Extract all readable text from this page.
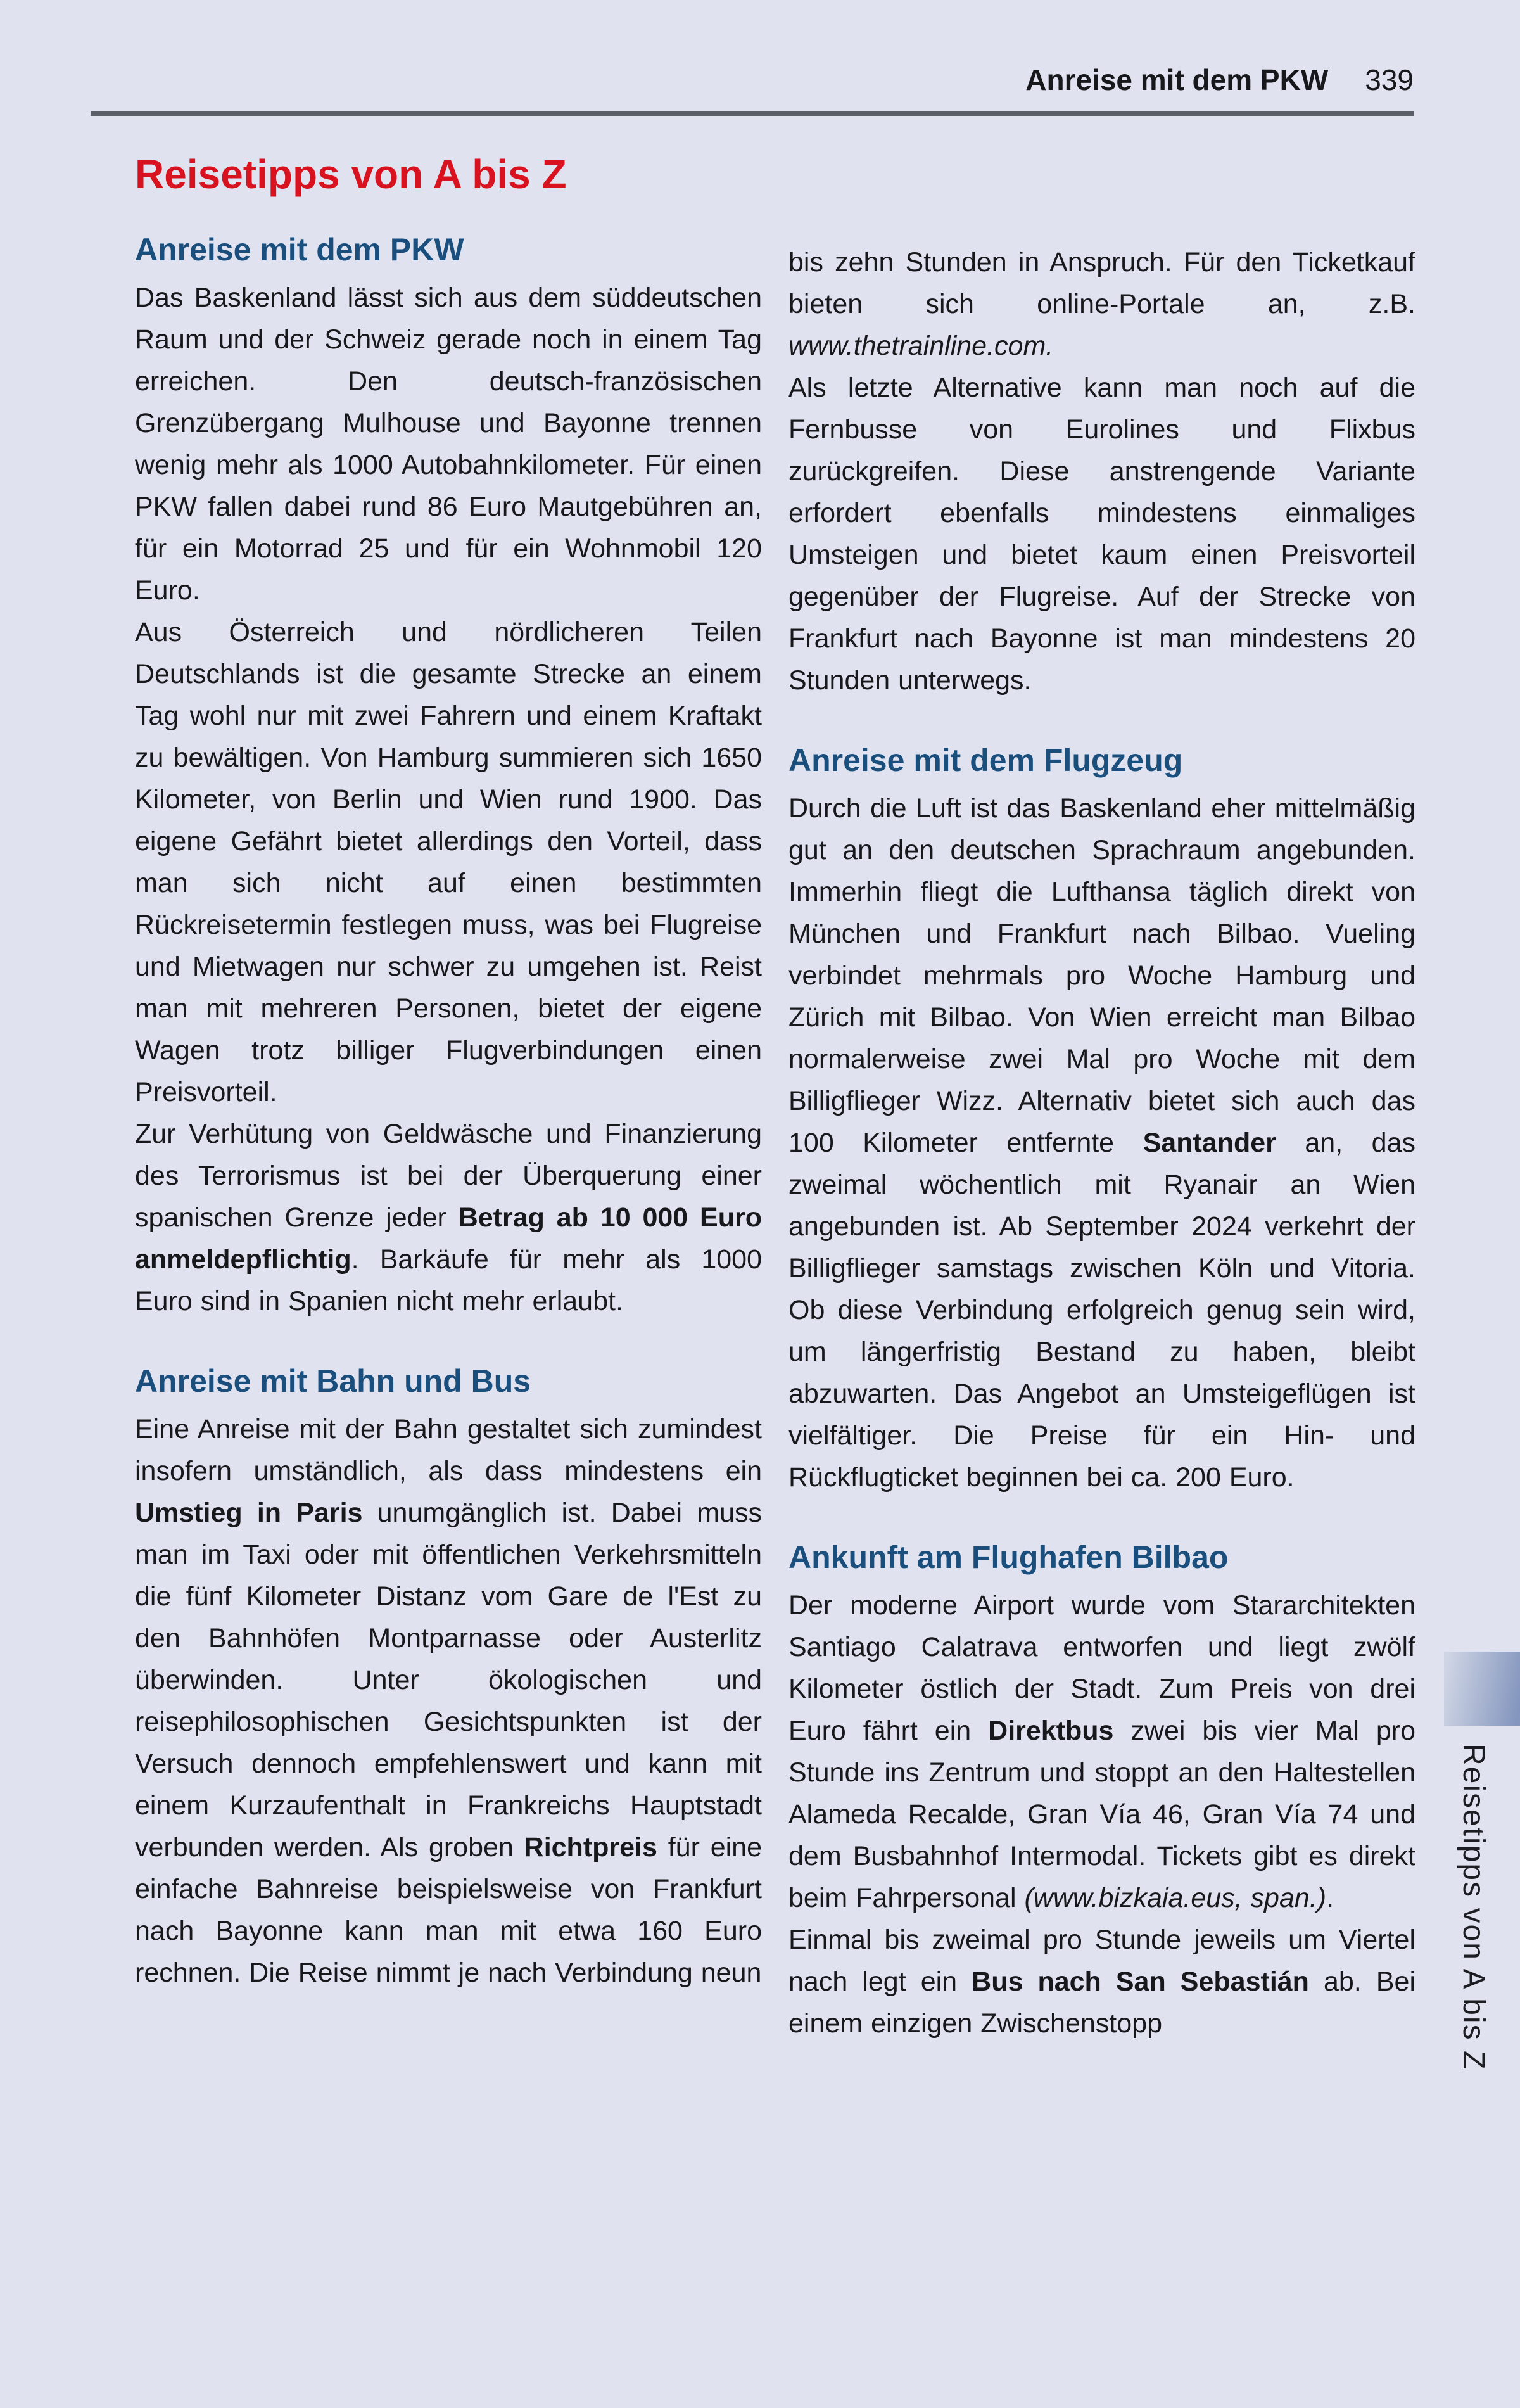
Anreise mit dem PKW 339
Reisetipps von A bis Z
Anreise mit dem PKW

Das Baskenland lässt sich aus dem süddeutschen Raum und der Schweiz gerade noch in einem Tag erreichen. Den deutsch-französischen Grenzübergang Mulhouse und Bayonne trennen wenig mehr als 1000 Autobahnkilometer. Für einen PKW fallen dabei rund 86 Euro Mautgebühren an, für ein Motorrad 25 und für ein Wohnmobil 120 Euro.

Aus Österreich und nördlicheren Teilen Deutschlands ist die gesamte Strecke an einem Tag wohl nur mit zwei Fahrern und einem Kraftakt zu bewältigen. Von Hamburg summieren sich 1650 Kilometer, von Berlin und Wien rund 1900. Das eigene Gefährt bietet allerdings den Vorteil, dass man sich nicht auf einen bestimmten Rückreisetermin festlegen muss, was bei Flugreise und Mietwagen nur schwer zu umgehen ist. Reist man mit mehreren Personen, bietet der eigene Wagen trotz billiger Flugverbindungen einen Preisvorteil.

Zur Verhütung von Geldwäsche und Finanzierung des Terrorismus ist bei der Überquerung einer spanischen Grenze jeder Betrag ab 10 000 Euro anmeldepflichtig. Barkäufe für mehr als 1000 Euro sind in Spanien nicht mehr erlaubt.

Anreise mit Bahn und Bus

Eine Anreise mit der Bahn gestaltet sich zumindest insofern umständlich, als dass mindestens ein Umstieg in Paris unumgänglich ist. Dabei muss man im Taxi oder mit öffentlichen Verkehrsmitteln die fünf Kilometer Distanz vom Gare de l'Est zu den Bahnhöfen Montparnasse oder Austerlitz überwinden. Unter ökologischen und reisephilosophischen Gesichtspunkten ist der Versuch dennoch empfehlenswert und kann mit einem Kurzaufenthalt in Frankreichs Hauptstadt verbunden werden. Als groben Richtpreis für eine einfache Bahnreise beispielsweise von Frankfurt nach Bayonne kann man mit etwa 160 Euro rechnen. Die Reise nimmt je nach Verbindung neun

bis zehn Stunden in Anspruch. Für den Ticketkauf bieten sich online-Portale an, z.B. www.thetrainline.com.

Als letzte Alternative kann man noch auf die Fernbusse von Eurolines und Flixbus zurückgreifen. Diese anstrengende Variante erfordert ebenfalls mindestens einmaliges Umsteigen und bietet kaum einen Preisvorteil gegenüber der Flugreise. Auf der Strecke von Frankfurt nach Bayonne ist man mindestens 20 Stunden unterwegs.

Anreise mit dem Flugzeug

Durch die Luft ist das Baskenland eher mittelmäßig gut an den deutschen Sprachraum angebunden. Immerhin fliegt die Lufthansa täglich direkt von München und Frankfurt nach Bilbao. Vueling verbindet mehrmals pro Woche Hamburg und Zürich mit Bilbao. Von Wien erreicht man Bilbao normalerweise zwei Mal pro Woche mit dem Billigflieger Wizz. Alternativ bietet sich auch das 100 Kilometer entfernte Santander an, das zweimal wöchentlich mit Ryanair an Wien angebunden ist. Ab September 2024 verkehrt der Billigflieger samstags zwischen Köln und Vitoria. Ob diese Verbindung erfolgreich genug sein wird, um längerfristig Bestand zu haben, bleibt abzuwarten. Das Angebot an Umsteigeflügen ist vielfältiger. Die Preise für ein Hin- und Rückflugticket beginnen bei ca. 200 Euro.

Ankunft am Flughafen Bilbao

Der moderne Airport wurde vom Stararchitekten Santiago Calatrava entworfen und liegt zwölf Kilometer östlich der Stadt. Zum Preis von drei Euro fährt ein Direktbus zwei bis vier Mal pro Stunde ins Zentrum und stoppt an den Haltestellen Alameda Recalde, Gran Vía 46, Gran Vía 74 und dem Busbahnhof Intermodal. Tickets gibt es direkt beim Fahrpersonal (www.bizkaia.eus, span.).

Einmal bis zweimal pro Stunde jeweils um Viertel nach legt ein Bus nach San Sebastián ab. Bei einem einzigen Zwischenstopp	Reisetipps von A bis Z
